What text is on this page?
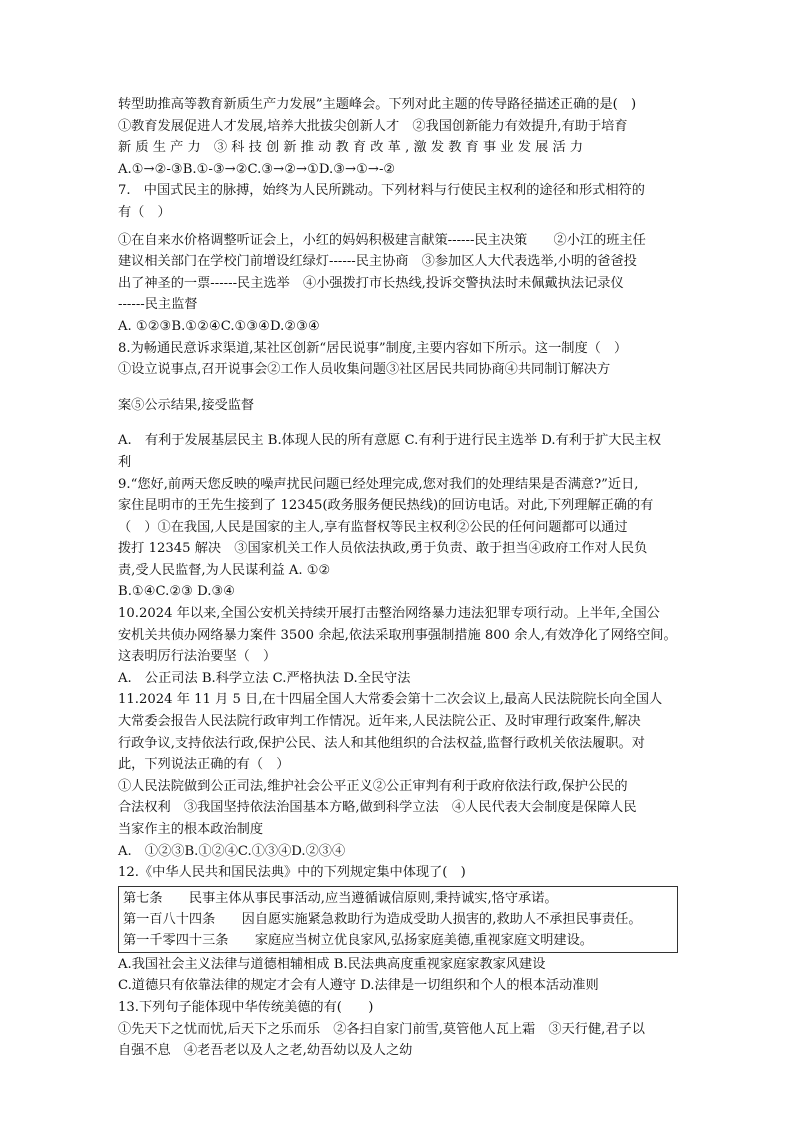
转型助推高等教育新质生产力发展”主题峰会。下列对此主题的传导路径描述正确的是(　)

①教育发展促进人才发展,培养大批拔尖创新人才　②我国创新能力有效提升,有助于培育

新 质 生 产 力　③ 科 技 创 新 推 动 教 育 改 革 , 激 发 教 育 事 业 发 展 活 力

A.①→②-③B.①-③→②C.③→②→①D.③→①→-②

7.　中国式民主的脉搏，始终为人民所跳动。下列材料与行使民主权利的途径和形式相符的

有（　）

①在自来水价格调整听证会上，小红的妈妈积极建言献策------民主决策　　②小江的班主任

建议相关部门在学校门前增设红绿灯------民主协商　③参加区人大代表选举,小明的爸爸投

出了神圣的一票------民主选举　④小强拨打市长热线,投诉交警执法时未佩戴执法记录仪

------民主监督

A. ①②③B.①②④C.①③④D.②③④

8.为畅通民意诉求渠道,某社区创新“居民说事”制度,主要内容如下所示。这一制度（　）

①设立说事点,召开说事会②工作人员收集问题③社区居民共同协商④共同制订解决方

案⑤公示结果,接受监督

A.　有利于发展基层民主 B.体现人民的所有意愿 C.有利于进行民主选举 D.有利于扩大民主权

利

9.“您好,前两天您反映的噪声扰民问题已经处理完成,您对我们的处理结果是否满意?”近日,

家住昆明市的王先生接到了 12345(政务服务便民热线)的回访电话。对此,下列理解正确的有

（　）①在我国,人民是国家的主人,享有监督权等民主权利②公民的任何问题都可以通过

拨打 12345 解决　③国家机关工作人员依法执政,勇于负责、敢于担当④政府工作对人民负

责,受人民监督,为人民谋利益 A. ①②

B.①④C.②③ D.③④

10.2024 年以来,全国公安机关持续开展打击整治网络暴力违法犯罪专项行动。上半年,全国公

安机关共侦办网络暴力案件 3500 余起,依法采取刑事强制措施 800 余人,有效净化了网络空间。

这表明厉行法治要坚（　）

A.　公正司法 B.科学立法 C.严格执法 D.全民守法

11.2024 年 11 月 5 日,在十四届全国人大常委会第十二次会议上,最高人民法院院长向全国人

大常委会报告人民法院行政审判工作情况。近年来,人民法院公正、及时审理行政案件,解决

行政争议,支持依法行政,保护公民、法人和其他组织的合法权益,监督行政机关依法履职。对

此，下列说法正确的有（　）

①人民法院做到公正司法,维护社会公平正义②公正审判有利于政府依法行政,保护公民的

合法权利　③我国坚持依法治国基本方略,做到科学立法　④人民代表大会制度是保障人民

当家作主的根本政治制度

A.　①②③B.①②④C.①③④D.②③④

12.《中华人民共和国民法典》中的下列规定集中体现了(　)

第七条　　民事主体从事民事活动,应当遵循诚信原则,秉持诚实,恪守承诺。
第一百八十四条　　因自愿实施紧急救助行为造成受助人损害的,救助人不承担民事责任。
第一千零四十三条　　家庭应当树立优良家风,弘扬家庭美德,重视家庭文明建设。

A.我国社会主义法律与道德相辅相成 B.民法典高度重视家庭家教家风建设

C.道德只有依靠法律的规定才会有人遵守 D.法律是一切组织和个人的根本活动准则

13.下列句子能体现中华传统美德的有(　　)

①先天下之忧而忧,后天下之乐而乐　②各扫自家门前雪,莫管他人瓦上霜　③天行健,君子以

自强不息　④老吾老以及人之老,幼吾幼以及人之幼
